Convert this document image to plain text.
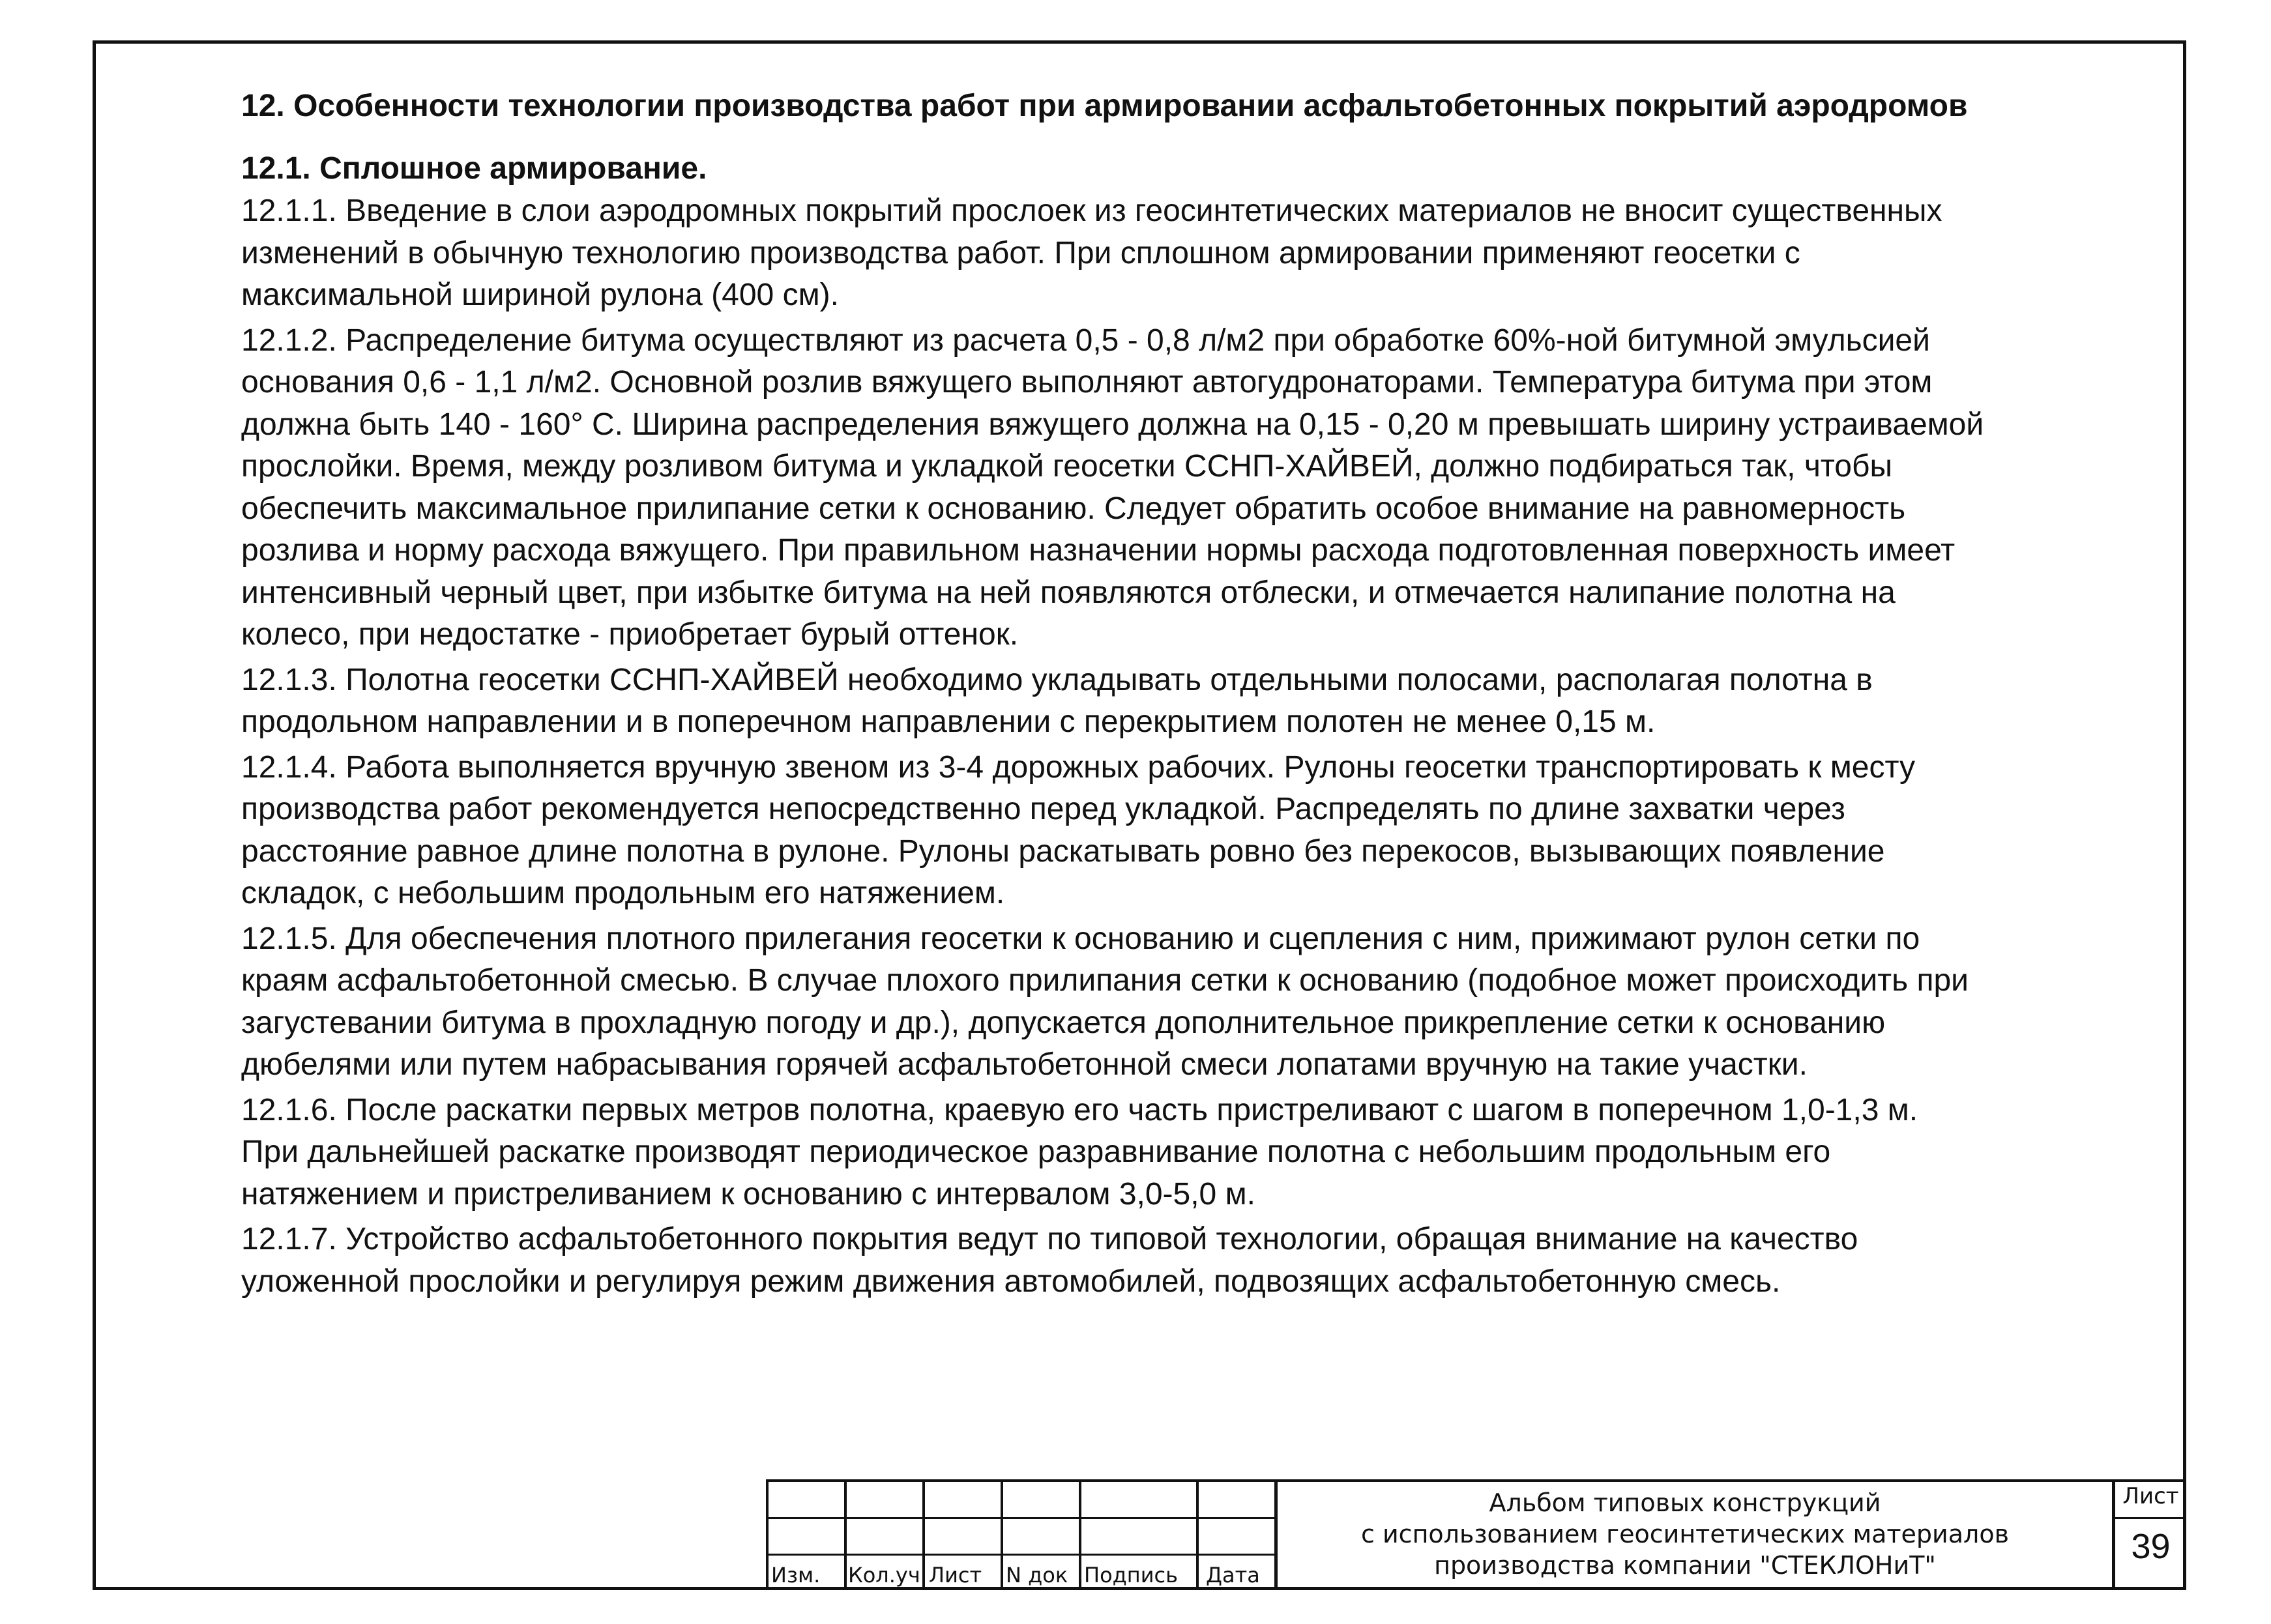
12. Особенности технологии производства работ при армировании асфальтобетонных покрытий аэродромов
12.1. Сплошное армирование.
12.1.1. Введение в слои аэродромных покрытий прослоек из геосинтетических материалов не вносит существенных
изменений в обычную технологию производства работ. При сплошном армировании применяют геосетки с
максимальной шириной рулона (400 см).
12.1.2. Распределение битума осуществляют из расчета 0,5 - 0,8 л/м2 при обработке 60%-ной битумной эмульсией
основания 0,6 - 1,1 л/м2. Основной розлив вяжущего выполняют автогудронаторами. Температура битума при этом
должна быть 140 - 160° С. Ширина распределения вяжущего должна на 0,15 - 0,20 м превышать ширину устраиваемой
прослойки. Время, между розливом битума и укладкой геосетки ССНП-ХАЙВЕЙ, должно подбираться так, чтобы
обеспечить максимальное прилипание сетки к основанию. Следует обратить особое внимание на равномерность
розлива и норму расхода вяжущего. При правильном назначении нормы расхода подготовленная поверхность имеет
интенсивный черный цвет, при избытке битума на ней появляются отблески, и отмечается налипание полотна на
колесо, при недостатке - приобретает бурый оттенок.
12.1.3. Полотна геосетки ССНП-ХАЙВЕЙ необходимо укладывать отдельными полосами, располагая полотна в
продольном направлении и в поперечном направлении с перекрытием полотен не менее 0,15 м.
12.1.4. Работа выполняется вручную звеном из 3-4 дорожных рабочих. Рулоны геосетки транспортировать к месту
производства работ рекомендуется непосредственно перед укладкой. Распределять по длине захватки через
расстояние равное длине полотна в рулоне. Рулоны раскатывать ровно без перекосов, вызывающих появление
складок, с небольшим продольным его натяжением.
12.1.5. Для обеспечения плотного прилегания геосетки к основанию и сцепления с ним, прижимают рулон сетки по
краям асфальтобетонной смесью. В случае плохого прилипания сетки к основанию (подобное может происходить при
загустевании битума в прохладную погоду и др.), допускается дополнительное прикрепление сетки к основанию
дюбелями или путем набрасывания горячей асфальтобетонной смеси лопатами вручную на такие участки.
12.1.6. После раскатки первых метров полотна, краевую его часть пристреливают с шагом в поперечном 1,0-1,3 м.
При дальнейшей раскатке производят периодическое разравнивание полотна с небольшим продольным его
натяжением и пристреливанием к основанию с интервалом 3,0-5,0 м.
12.1.7. Устройство асфальтобетонного покрытия ведут по типовой технологии, обращая внимание на качество
уложенной прослойки и регулируя режим движения автомобилей, подвозящих асфальтобетонную смесь.
Изм. Кол.уч. Лист N док Подпись Дата
Альбом типовых конструкций
с использованием геосинтетических материалов
производства компании "СТЕКЛОНиТ"
Лист
39
